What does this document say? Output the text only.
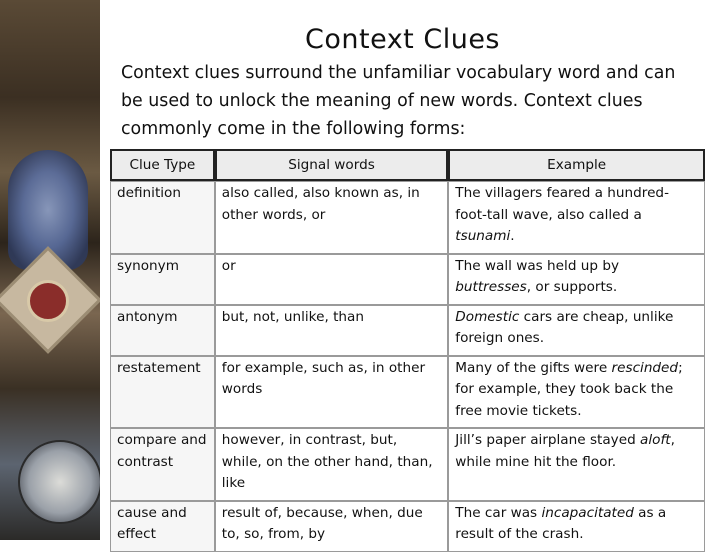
Context Clues
Context clues surround the unfamiliar vocabulary word and can be used to unlock the meaning of new words. Context clues commonly come in the following forms:
Clue Type	Signal words	Example
definition	also called, also known as, in other words, or	The villagers feared a hundred-foot-tall wave, also called a tsunami.
synonym	or	The wall was held up by buttresses, or supports.
antonym	but, not, unlike, than	Domestic cars are cheap, unlike foreign ones.
restatement	for example, such as, in other words	Many of the gifts were rescinded; for example, they took back the free movie tickets.
compare and contrast	however, in contrast, but, while, on the other hand, than, like	Jill’s paper airplane stayed aloft, while mine hit the floor.
cause and effect	result of, because, when, due to, so, from, by	The car was incapacitated as a result of the crash.
